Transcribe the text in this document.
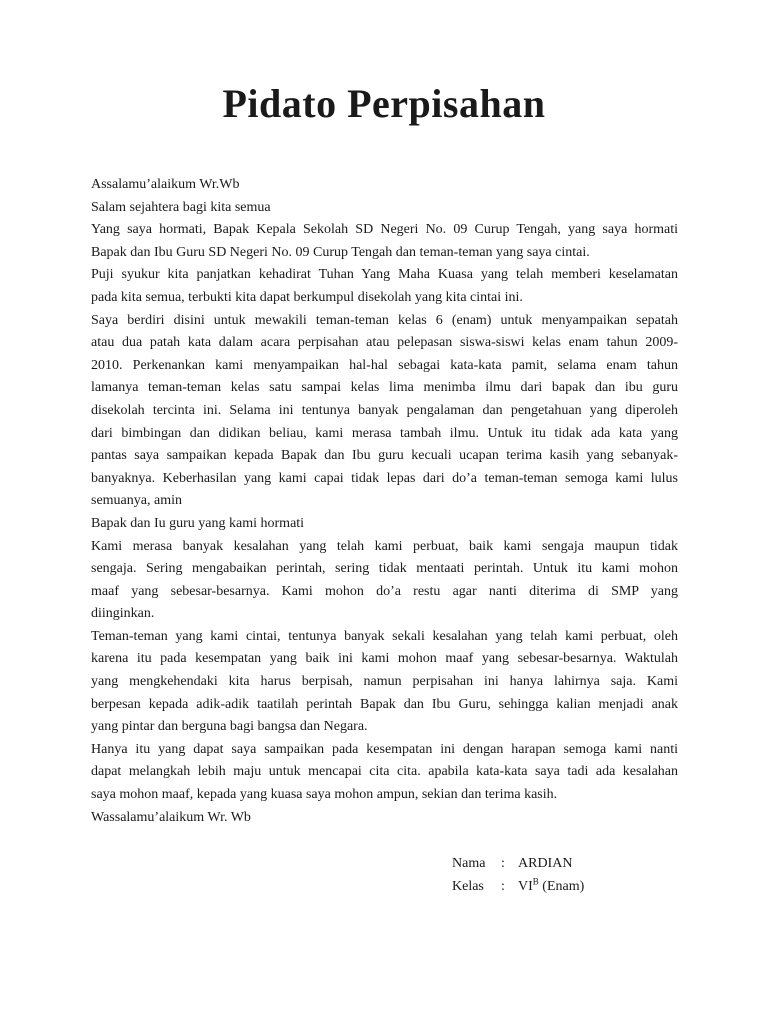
Pidato Perpisahan
Assalamu’alaikum Wr.Wb
Salam sejahtera bagi kita semua
Yang saya hormati, Bapak Kepala Sekolah SD Negeri No. 09 Curup Tengah, yang saya hormati
Bapak dan Ibu Guru SD Negeri No. 09 Curup Tengah dan teman-teman yang saya cintai.
Puji syukur kita panjatkan kehadirat Tuhan Yang Maha Kuasa yang telah memberi keselamatan
pada kita semua, terbukti kita dapat berkumpul disekolah yang kita cintai ini.
Saya berdiri disini untuk mewakili teman-teman kelas 6 (enam) untuk menyampaikan sepatah
atau dua patah kata dalam acara perpisahan atau pelepasan siswa-siswi kelas enam tahun 2009-
2010. Perkenankan kami menyampaikan hal-hal sebagai kata-kata pamit, selama enam tahun
lamanya teman-teman kelas satu sampai kelas lima menimba ilmu dari bapak dan ibu guru
disekolah tercinta ini. Selama ini tentunya banyak pengalaman dan pengetahuan yang diperoleh
dari bimbingan dan didikan beliau, kami merasa tambah ilmu. Untuk itu tidak ada kata yang
pantas saya sampaikan kepada Bapak dan Ibu guru kecuali ucapan terima kasih yang sebanyak-
banyaknya. Keberhasilan yang kami capai tidak lepas dari do’a teman-teman semoga kami lulus
semuanya, amin
Bapak dan Iu guru yang kami hormati
Kami merasa banyak kesalahan yang telah kami perbuat, baik kami sengaja maupun tidak
sengaja. Sering mengabaikan perintah, sering tidak mentaati perintah. Untuk itu kami mohon
maaf yang sebesar-besarnya. Kami mohon do’a restu agar nanti diterima di SMP yang
diinginkan.
Teman-teman yang kami cintai, tentunya banyak sekali kesalahan yang telah kami perbuat, oleh
karena itu pada kesempatan yang baik ini kami mohon maaf yang sebesar-besarnya. Waktulah
yang mengkehendaki kita harus berpisah, namun perpisahan ini hanya lahirnya saja. Kami
berpesan kepada adik-adik taatilah perintah Bapak dan Ibu Guru, sehingga kalian menjadi anak
yang pintar dan berguna bagi bangsa dan Negara.
Hanya itu yang dapat saya sampaikan pada kesempatan ini dengan harapan semoga kami nanti
dapat melangkah lebih maju untuk mencapai cita cita. apabila kata-kata saya tadi ada kesalahan
saya mohon maaf, kepada yang kuasa saya mohon ampun, sekian dan terima kasih.
Wassalamu’alaikum Wr. Wb
Nama	: ARDIAN
Kelas	: $VI^B$ (Enam)
